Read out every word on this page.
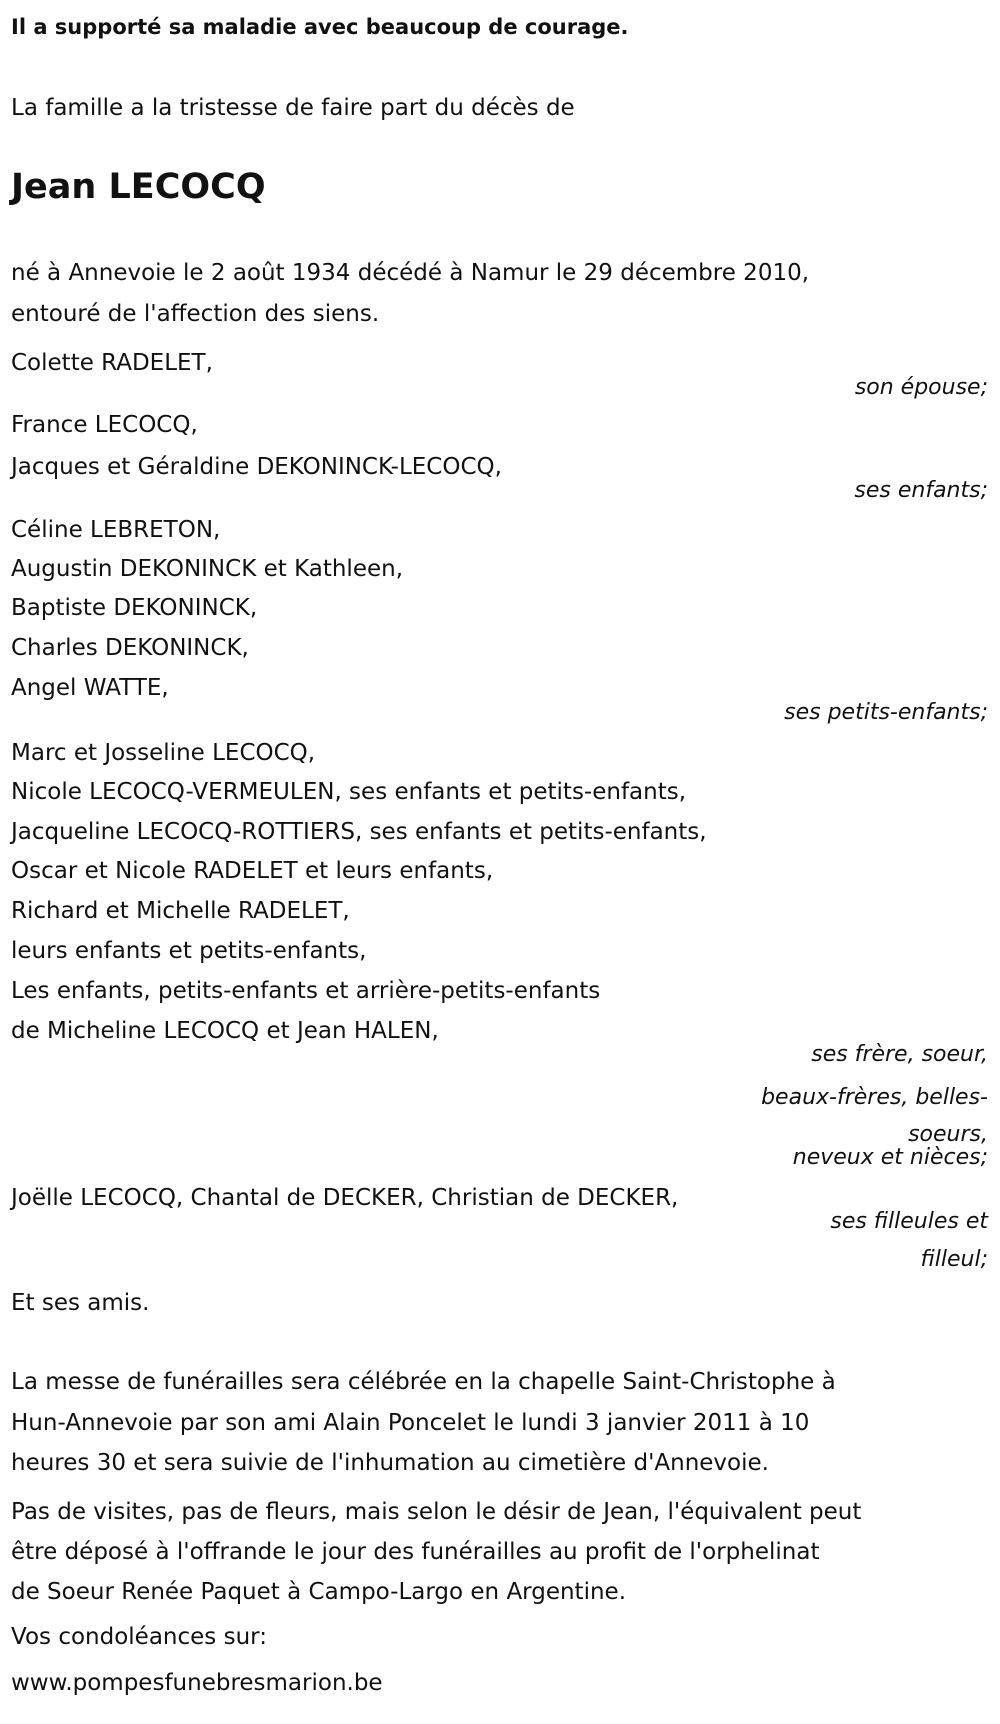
Il a supporté sa maladie avec beaucoup de courage.
La famille a la tristesse de faire part du décès de
Jean LECOCQ
né à Annevoie le 2 août 1934 décédé à Namur le 29 décembre 2010,
entouré de l'affection des siens.
Colette RADELET,
son épouse;
France LECOCQ,
Jacques et Géraldine DEKONINCK-LECOCQ,
ses enfants;
Céline LEBRETON,
Augustin DEKONINCK et Kathleen,
Baptiste DEKONINCK,
Charles DEKONINCK,
Angel WATTE,
ses petits-enfants;
Marc et Josseline LECOCQ,
Nicole LECOCQ-VERMEULEN, ses enfants et petits-enfants,
Jacqueline LECOCQ-ROTTIERS, ses enfants et petits-enfants,
Oscar et Nicole RADELET et leurs enfants,
Richard et Michelle RADELET,
leurs enfants et petits-enfants,
Les enfants, petits-enfants et arrière-petits-enfants
de Micheline LECOCQ et Jean HALEN,
ses frère, soeur,
beaux-frères, belles-
soeurs,
neveux et nièces;
Joëlle LECOCQ, Chantal de DECKER, Christian de DECKER,
ses filleules et
filleul;
Et ses amis.
La messe de funérailles sera célébrée en la chapelle Saint-Christophe à
Hun-Annevoie par son ami Alain Poncelet le lundi 3 janvier 2011 à 10
heures 30 et sera suivie de l'inhumation au cimetière d'Annevoie.
Pas de visites, pas de fleurs, mais selon le désir de Jean, l'équivalent peut
être déposé à l'offrande le jour des funérailles au profit de l'orphelinat
de Soeur Renée Paquet à Campo-Largo en Argentine.
Vos condoléances sur:
www.pompesfunebresmarion.be
